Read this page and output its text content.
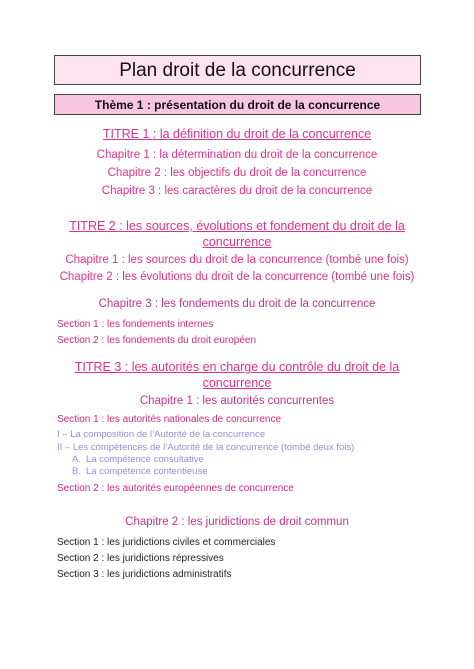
Plan droit de la concurrence
Thème 1 : présentation du droit de la concurrence
TITRE 1 : la définition du droit de la concurrence
Chapitre 1 : la détermination du droit de la concurrence
Chapitre 2 : les objectifs du droit de la concurrence
Chapitre 3 : les caractères du droit de la concurrence
TITRE 2 : les sources, évolutions et fondement du droit de la
concurrence
Chapitre 1 : les sources du droit de la concurrence (tombé une fois)
Chapitre 2 : les évolutions du droit de la concurrence (tombé une fois)
Chapitre 3 : les fondements du droit de la concurrence
Section 1 : les fondements internes
Section 2 : les fondements du droit européen
TITRE 3 : les autorités en charge du contrôle du droit de la
concurrence
Chapitre 1 : les autorités concurrentes
Section 1 : les autorités nationales de concurrence
I – La composition de l’Autorité de la concurrence
II – Les compétences de l’Autorité de la concurrence (tombé deux fois)
A. La compétence consultative
B. La compétence contentieuse
Section 2 : les autorités européennes de concurrence
Chapitre 2 : les juridictions de droit commun
Section 1 : les juridictions civiles et commerciales
Section 2 : les juridictions répressives
Section 3 : les juridictions administratifs
